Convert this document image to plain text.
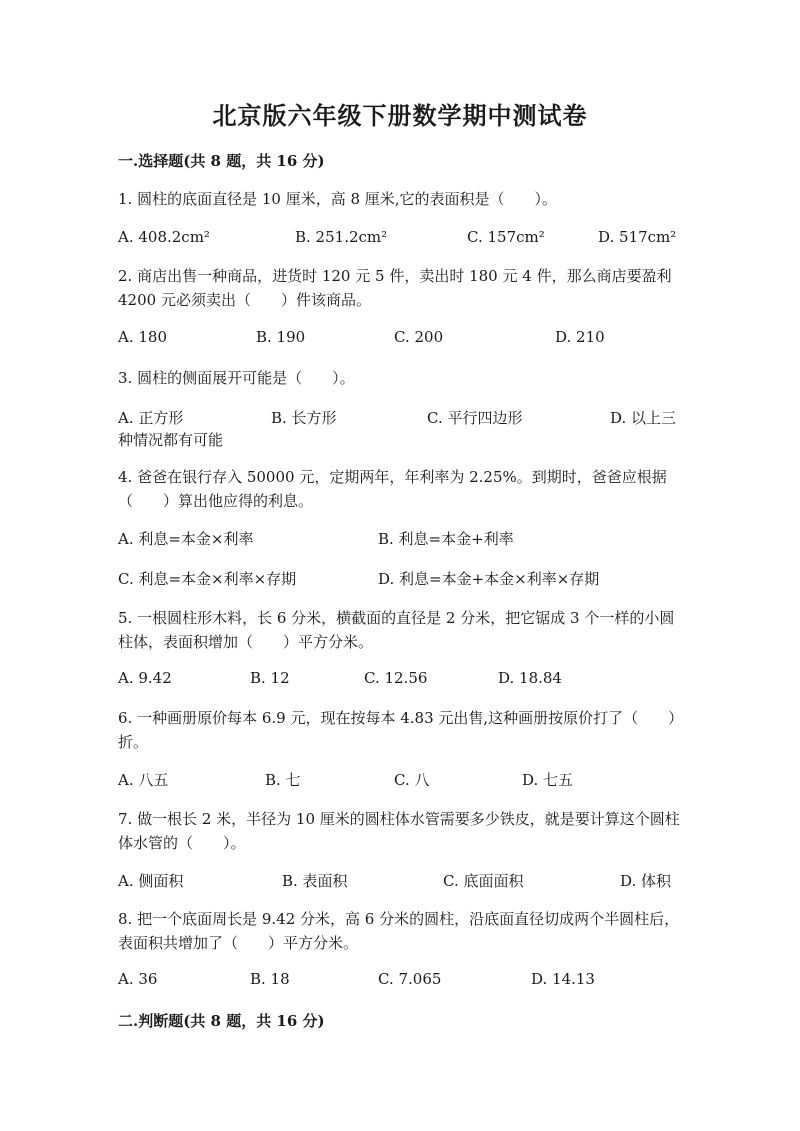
北京版六年级下册数学期中测试卷
一.选择题(共 8 题，共 16 分)
1. 圆柱的底面直径是 10 厘米，高 8 厘米,它的表面积是（　　）。
A. 408.2cm²	B. 251.2cm²	C. 157cm²	D. 517cm²
2. 商店出售一种商品，进货时 120 元 5 件，卖出时 180 元 4 件，那么商店要盈利 4200 元必须卖出（　　）件该商品。
A. 180	B. 190	C. 200	D. 210
3. 圆柱的侧面展开可能是（　　）。
A. 正方形	B. 长方形	C. 平行四边形	D. 以上三
种情况都有可能
4. 爸爸在银行存入 50000 元，定期两年，年利率为 2.25%。到期时，爸爸应根据（　　）算出他应得的利息。
A. 利息=本金×利率	B. 利息=本金+利率
C. 利息=本金×利率×存期	D. 利息=本金+本金×利率×存期
5. 一根圆柱形木料，长 6 分米，横截面的直径是 2 分米，把它锯成 3 个一样的小圆柱体，表面积增加（　　）平方分米。
A. 9.42	B. 12	C. 12.56	D. 18.84
6. 一种画册原价每本 6.9 元，现在按每本 4.83 元出售,这种画册按原价打了（　　）折。
A. 八五	B. 七	C. 八	D. 七五
7. 做一根长 2 米，半径为 10 厘米的圆柱体水管需要多少铁皮，就是要计算这个圆柱体水管的（　　）。
A. 侧面积	B. 表面积	C. 底面面积	D. 体积
8. 把一个底面周长是 9.42 分米，高 6 分米的圆柱，沿底面直径切成两个半圆柱后，表面积共增加了（　　）平方分米。
A. 36	B. 18	C. 7.065	D. 14.13
二.判断题(共 8 题，共 16 分)
